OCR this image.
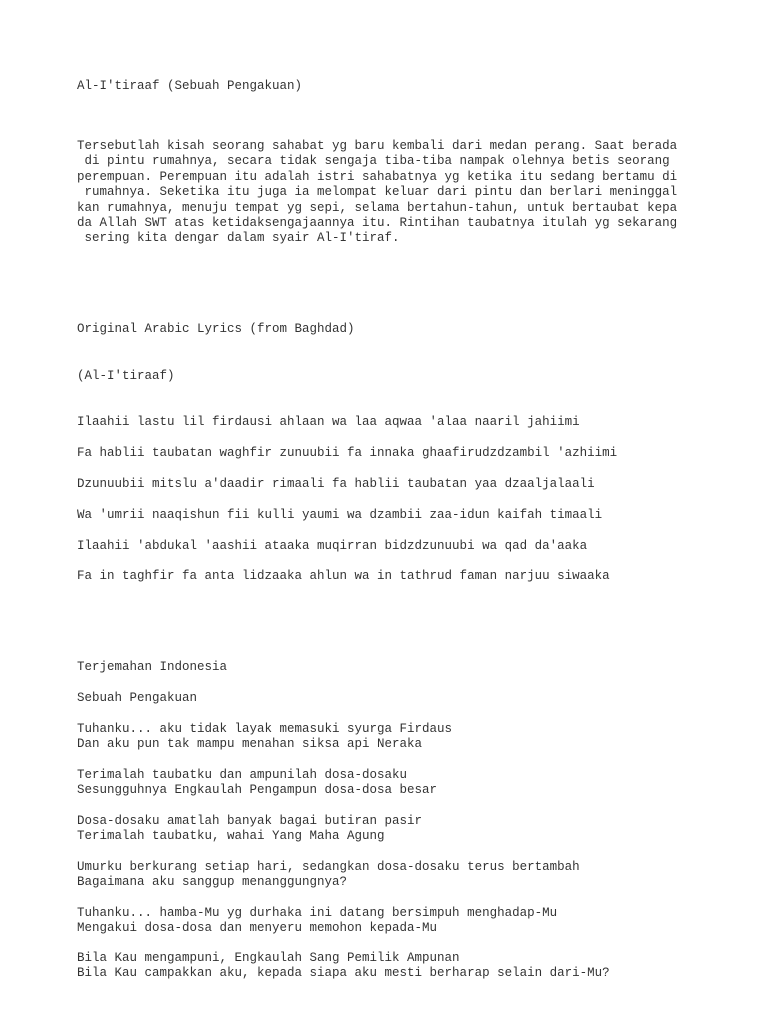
Al-I'tiraaf (Sebuah Pengakuan)

Tersebutlah kisah seorang sahabat yg baru kembali dari medan perang. Saat berada

di pintu rumahnya, secara tidak sengaja tiba-tiba nampak olehnya betis seorang

perempuan. Perempuan itu adalah istri sahabatnya yg ketika itu sedang bertamu di

rumahnya. Seketika itu juga ia melompat keluar dari pintu dan berlari meninggal

kan rumahnya, menuju tempat yg sepi, selama bertahun-tahun, untuk bertaubat kepa

da Allah SWT atas ketidaksengajaannya itu. Rintihan taubatnya itulah yg sekarang

sering kita dengar dalam syair Al-I'tiraf.

Original Arabic Lyrics (from Baghdad)

(Al-I'tiraaf)

Ilaahii lastu lil firdausi ahlaan wa laa aqwaa 'alaa naaril jahiimi

Fa hablii taubatan waghfir zunuubii fa innaka ghaafirudzdzambil 'azhiimi

Dzunuubii mitslu a'daadir rimaali fa hablii taubatan yaa dzaaljalaali

Wa 'umrii naaqishun fii kulli yaumi wa dzambii zaa-idun kaifah timaali

Ilaahii 'abdukal 'aashii ataaka muqirran bidzdzunuubi wa qad da'aaka

Fa in taghfir fa anta lidzaaka ahlun wa in tathrud faman narjuu siwaaka

Terjemahan Indonesia

Sebuah Pengakuan

Tuhanku... aku tidak layak memasuki syurga Firdaus

Dan aku pun tak mampu menahan siksa api Neraka

Terimalah taubatku dan ampunilah dosa-dosaku

Sesungguhnya Engkaulah Pengampun dosa-dosa besar

Dosa-dosaku amatlah banyak bagai butiran pasir

Terimalah taubatku, wahai Yang Maha Agung

Umurku berkurang setiap hari, sedangkan dosa-dosaku terus bertambah

Bagaimana aku sanggup menanggungnya?

Tuhanku... hamba-Mu yg durhaka ini datang bersimpuh menghadap-Mu

Mengakui dosa-dosa dan menyeru memohon kepada-Mu

Bila Kau mengampuni, Engkaulah Sang Pemilik Ampunan

Bila Kau campakkan aku, kepada siapa aku mesti berharap selain dari-Mu?
